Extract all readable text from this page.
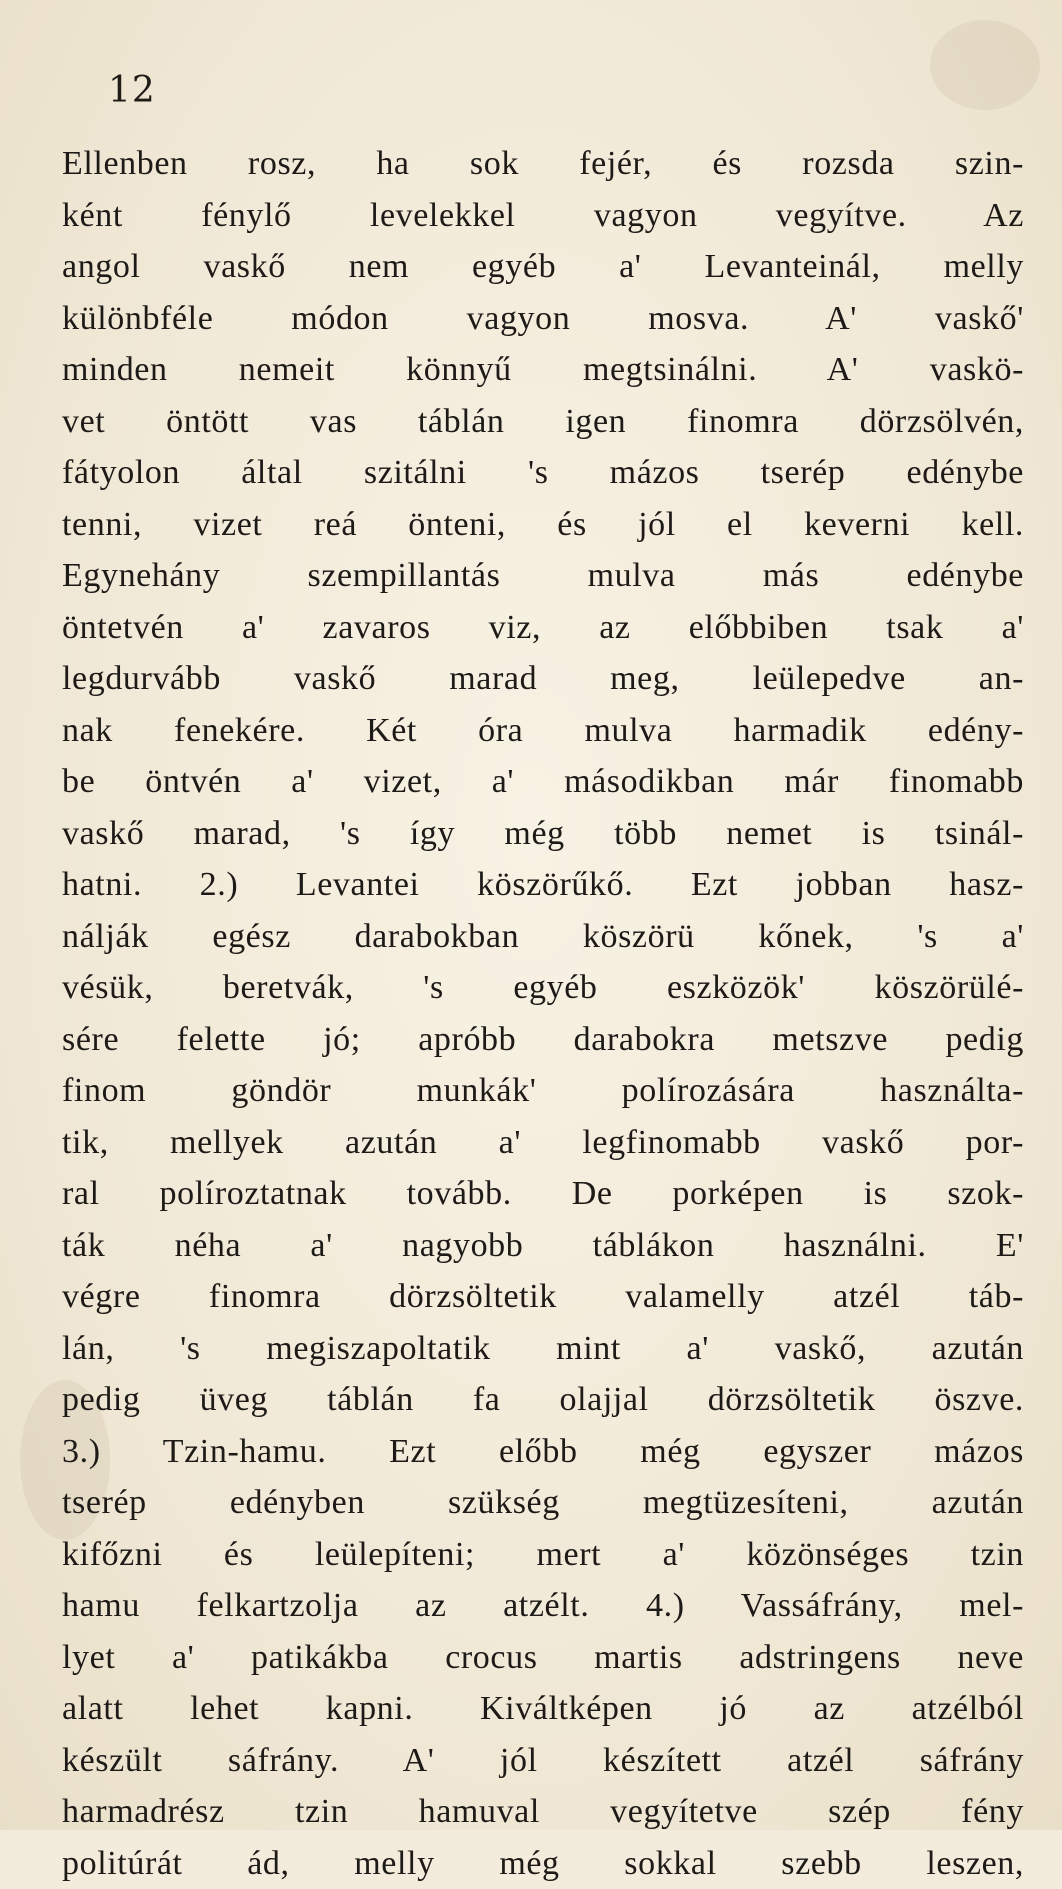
12
Ellenben rosz, ha sok fejér, és rozsda szin-
ként fénylő levelekkel vagyon vegyítve. Az
angol vaskő nem egyéb a' Levanteinál, melly
különbféle módon vagyon mosva. A' vaskő'
minden nemeit könnyű megtsinálni. A' vaskö-
vet öntött vas táblán igen finomra dörzsölvén,
fátyolon által szitálni 's mázos tserép edénybe
tenni, vizet reá önteni, és jól el keverni kell.
Egynehány szempillantás mulva más edénybe
öntetvén a' zavaros viz, az előbbiben tsak a'
legdurvább vaskő marad meg, leülepedve an-
nak fenekére. Két óra mulva harmadik edény-
be öntvén a' vizet, a' másodikban már finomabb
vaskő marad, 's így még több nemet is tsinál-
hatni. 2.) Levantei köszörűkő. Ezt jobban hasz-
nálják egész darabokban köszörü kőnek, 's a'
vésük, beretvák, 's egyéb eszközök' köszörülé-
sére felette jó; apróbb darabokra metszve pedig
finom göndör munkák' polírozására használta-
tik, mellyek azután a' legfinomabb vaskő por-
ral políroztatnak tovább. De porképen is szok-
ták néha a' nagyobb táblákon használni. E'
végre finomra dörzsöltetik valamelly atzél táb-
lán, 's megiszapoltatik mint a' vaskő, azután
pedig üveg táblán fa olajjal dörzsöltetik öszve.
3.) Tzin-hamu. Ezt előbb még egyszer mázos
tserép edényben szükség megtüzesíteni, azután
kifőzni és leülepíteni; mert a' közönséges tzin
hamu felkartzolja az atzélt. 4.) Vassáfrány, mel-
lyet a' patikákba crocus martis adstringens neve
alatt lehet kapni. Kiváltképen jó az atzélból
készült sáfrány. A' jól készített atzél sáfrány
harmadrész tzin hamuval vegyítetve szép fény
politúrát ád, melly még sokkal szebb leszen,
